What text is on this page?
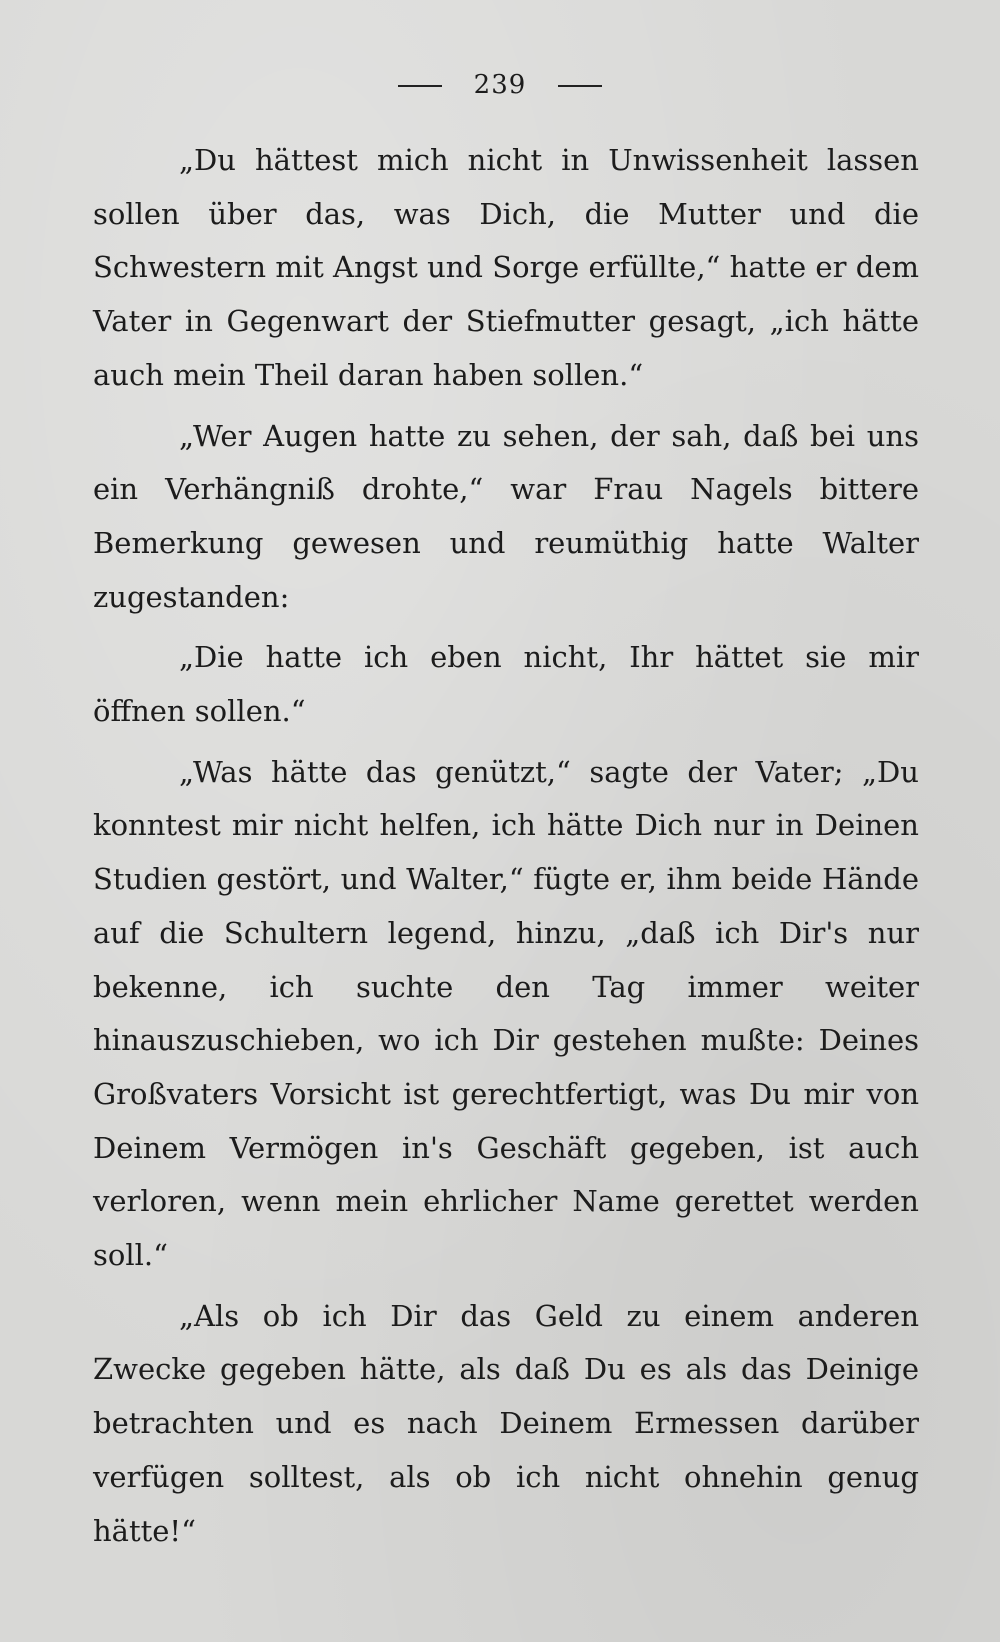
239

„Du hättest mich nicht in Unwissenheit lassen sollen über das, was Dich, die Mutter und die Schwestern mit Angst und Sorge erfüllte,“ hatte er dem Vater in Gegenwart der Stiefmutter gesagt, „ich hätte auch mein Theil daran haben sollen.“

„Wer Augen hatte zu sehen, der sah, daß bei uns ein Verhängniß drohte,“ war Frau Nagels bittere Bemerkung gewesen und reumüthig hatte Walter zugestanden:

„Die hatte ich eben nicht, Ihr hättet sie mir öffnen sollen.“

„Was hätte das genützt,“ sagte der Vater; „Du konntest mir nicht helfen, ich hätte Dich nur in Deinen Studien gestört, und Walter,“ fügte er, ihm beide Hände auf die Schultern legend, hinzu, „daß ich Dir's nur bekenne, ich suchte den Tag immer weiter hinauszuschieben, wo ich Dir gestehen mußte: Deines Großvaters Vorsicht ist gerechtfertigt, was Du mir von Deinem Vermögen in's Geschäft gegeben, ist auch verloren, wenn mein ehrlicher Name gerettet werden soll.“

„Als ob ich Dir das Geld zu einem anderen Zwecke gegeben hätte, als daß Du es als das Deinige betrachten und es nach Deinem Ermessen darüber verfügen solltest, als ob ich nicht ohnehin genug hätte!“
